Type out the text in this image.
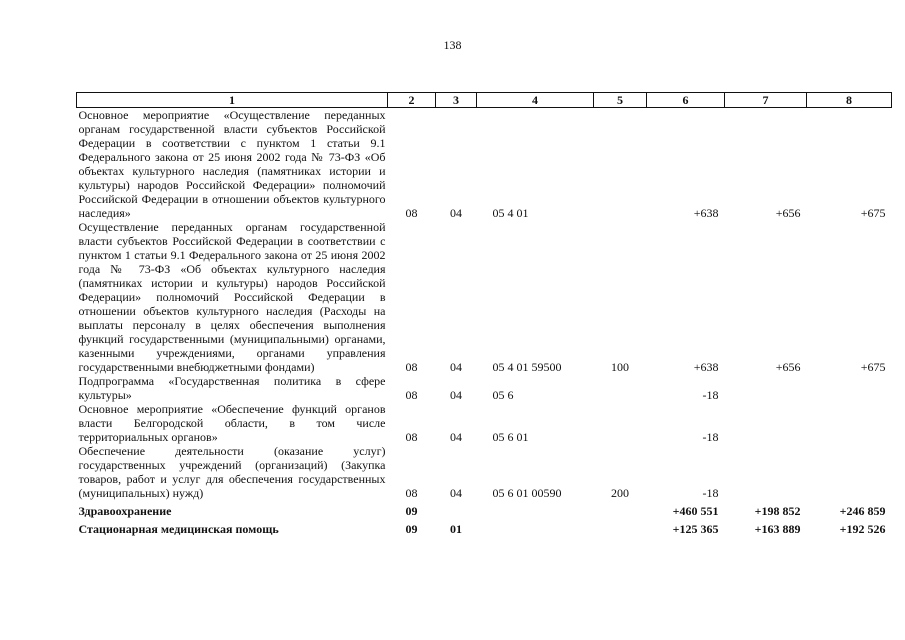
138
1	2	3	4	5	6	7	8
Основное мероприятие «Осуществление переданных органам государственной власти субъектов Российской Федерации в соответствии с пунктом 1 статьи 9.1 Федерального закона от 25 июня 2002 года № 73-ФЗ «Об объектах культурного наследия (памятниках истории и культуры) народов Российской Федерации» полномочий Российской Федерации в отношении объектов культурного наследия»	08	04	05 4 01		+638	+656	+675
Осуществление переданных органам государственной власти субъектов Российской Федерации в соответствии с пунктом 1 статьи 9.1 Федерального закона от 25 июня 2002 года № 73-ФЗ «Об объектах культурного наследия (памятниках истории и культуры) народов Российской Федерации» полномочий Российской Федерации в отношении объектов культурного наследия (Расходы на выплаты персоналу в целях обеспечения выполнения функций государственными (муниципальными) органами, казенными учреждениями, органами управления государственными внебюджетными фондами)	08	04	05 4 01 59500	100	+638	+656	+675
Подпрограмма «Государственная политика в сфере культуры»	08	04	05 6		-18		
Основное мероприятие «Обеспечение функций органов власти Белгородской области, в том числе территориальных органов»	08	04	05 6 01		-18		
Обеспечение деятельности (оказание услуг) государственных учреждений (организаций) (Закупка товаров, работ и услуг для обеспечения государственных (муниципальных) нужд)	08	04	05 6 01 00590	200	-18		
Здравоохранение	09				+460 551	+198 852	+246 859
Стационарная медицинская помощь	09	01			+125 365	+163 889	+192 526
